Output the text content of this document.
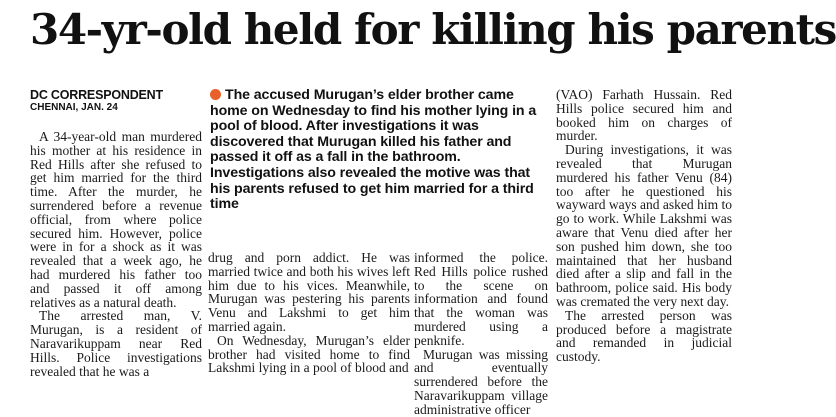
34-yr-old held for killing his parents
DC CORRESPONDENT
CHENNAI, JAN. 24

A 34-year-old man murdered his mother at his residence in Red Hills after she refused to get him married for the third time. After the murder, he surrendered before a revenue official, from where police secured him. However, police were in for a shock as it was revealed that a week ago, he had murdered his father too and passed it off among relatives as a natural death.

The arrested man, V. Murugan, is a resident of Naravarikuppam near Red Hills. Police investigations revealed that he was a

The accused Murugan’s elder brother came home on Wednesday to find his mother lying in a pool of blood. After investigations it was discovered that Murugan killed his father and passed it off as a fall in the bathroom. Investigations also revealed the motive was that his parents refused to get him married for a third time

drug and porn addict. He was married twice and both his wives left him due to his vices. Meanwhile, Murugan was pestering his parents Venu and Lakshmi to get him married again.

On Wednesday, Murugan’s elder brother had visited home to find Lakshmi lying in a pool of blood and

informed the police. Red Hills police rushed to the scene on information and found that the woman was murdered using a penknife.

Murugan was missing and eventually surrendered before the Naravarikuppam village administrative officer

(VAO) Farhath Hussain. Red Hills police secured him and booked him on charges of murder.

During investigations, it was revealed that Murugan murdered his father Venu (84) too after he questioned his wayward ways and asked him to go to work. While Lakshmi was aware that Venu died after her son pushed him down, she too maintained that her husband died after a slip and fall in the bathroom, police said. His body was cremated the very next day.

The arrested person was produced before a magistrate and remanded in judicial custody.
